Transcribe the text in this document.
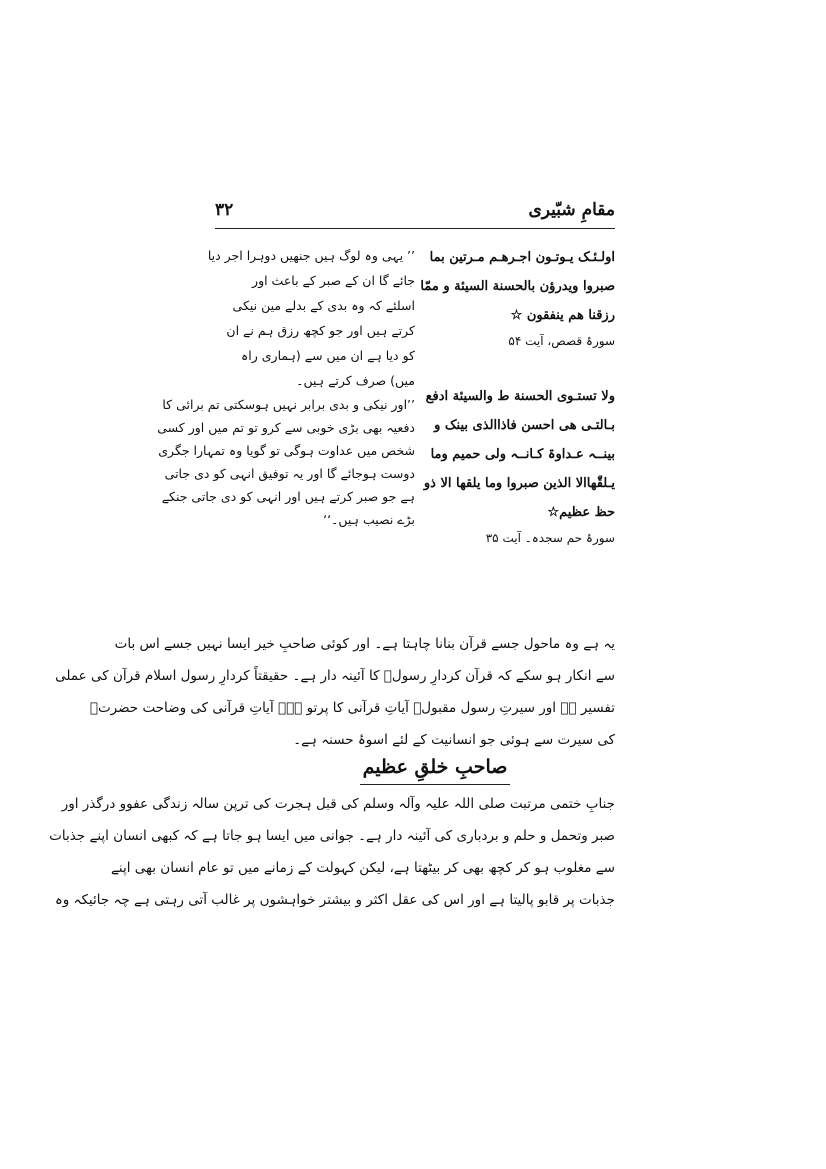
مقامِ شبّیری
۳۲
اولـئـک یـوتـون اجـرهـم مـرتین بما
صبروا ویدرؤن بالحسنة السیئة و ممّا
رزقنا هم ینفقون ☆
سورۂ قصص، آیت ۵۴
ولا تستـوی الحسنة ط والسیئة ادفع
بـالتـی هی احسن فاذاالذی بینک و
بینــہ عـداوۃ کـانــہ ولی حمیم وما
یـلقّٰهاالا الذین صبروا وما یلقها الا ذو
حظ عظیم☆
سورۂ حم سجدہ۔ آیت ۳۵
’’ یہی وہ لوگ ہیں جنھیں دوہرا اجر دیا
جائے گا ان کے صبر کے باعث اور
اسلئے کہ وہ بدی کے بدلے مین نیکی
کرتے ہیں اور جو کچھ رزق ہم نے ان
کو دیا ہے ان میں سے (ہماری راہ
میں) صرف کرتے ہیں۔
’’اور نیکی و بدی برابر نہیں ہوسکتی تم برائی کا
دفعیہ بھی بڑی خوبی سے کرو تو تم میں اور کسی
شخص میں عداوت ہوگی تو گویا وہ تمہارا جگری
دوست ہوجائے گا اور یہ توفیق انہی کو دی جاتی
ہے جو صبر کرتے ہیں اور انہی کو دی جاتی جنکے
بڑے نصیب ہیں۔‘‘
یہ ہے وہ ماحول جسے قرآن بنانا چاہتا ہے۔ اور کوئی صاحبِ خیر ایسا نہیں جسے اس بات
سے انکار ہو سکے کہ قرآن کردارِ رسولؐ کا آئینہ دار ہے۔ حقیقتاً کردارِ رسول اسلام قرآن کی عملی
تفسیر ہے اور سیرتِ رسول مقبولؐ آیاتِ قرآنی کا پرتو ہے۔ آیاتِ قرآنی کی وضاحت حضرتؐ
کی سیرت سے ہوئی جو انسانیت کے لئے اسوۂ حسنہ ہے۔
صاحبِ خلقِ عظیم
جنابِ ختمی مرتبت صلی اللہ علیہ وآلہ وسلم کی قبل ہجرت کی ترپن سالہ زندگی عفوو درگذر اور
صبر وتحمل و حلم و بردباری کی آئینہ دار ہے۔ جوانی میں ایسا ہو جاتا ہے کہ کبھی انسان اپنے جذبات
سے مغلوب ہو کر کچھ بھی کر بیٹھتا ہے، لیکن کہولت کے زمانے میں تو عام انسان بھی اپنے
جذبات پر قابو پالیتا ہے اور اس کی عقل اکثر و بیشتر خواہشوں پر غالب آتی رہتی ہے چہ جائیکہ وہ
